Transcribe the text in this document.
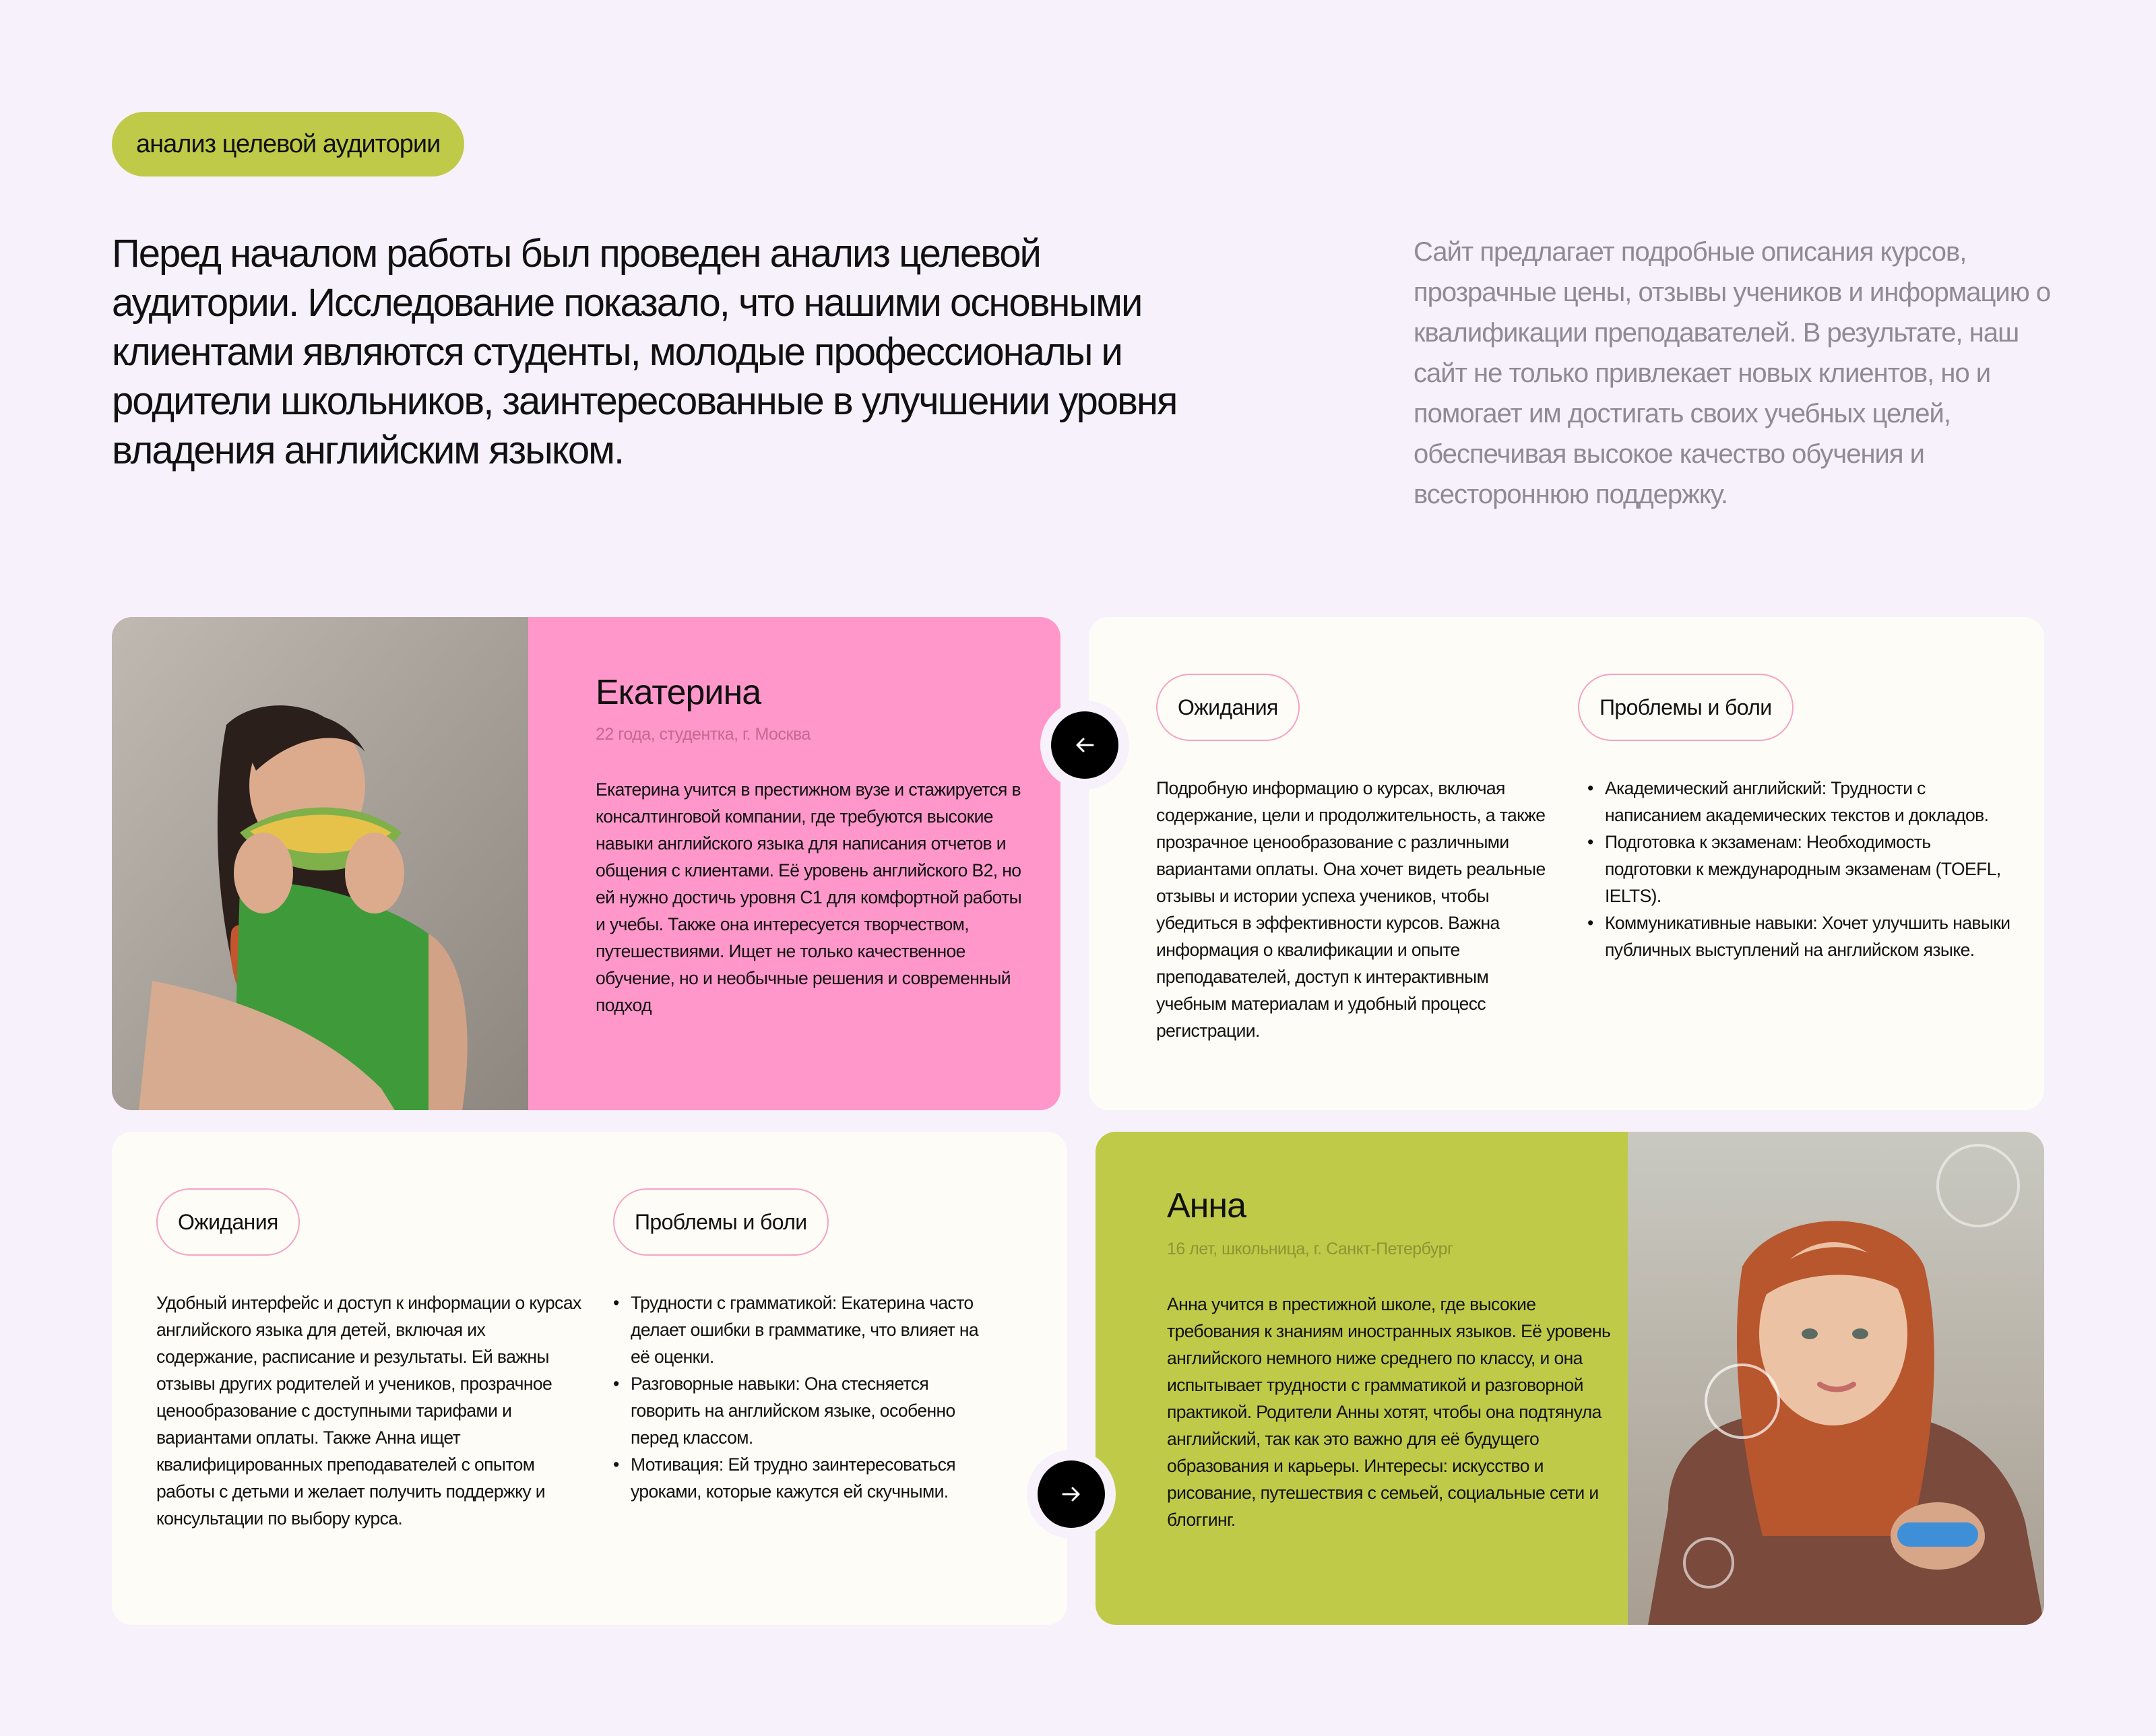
анализ целевой аудитории

Перед началом работы был проведен анализ целевой аудитории. Исследование показало, что нашими основными клиентами являются студенты, молодые профессионалы и родители школьников, заинтересованные в улучшении уровня владения английским языком.

Сайт предлагает подробные описания курсов, прозрачные цены, отзывы учеников и информацию о квалификации преподавателей. В результате, наш сайт не только привлекает новых клиентов, но и помогает им достигать своих учебных целей, обеспечивая высокое качество обучения и всестороннюю поддержку.

Екатерина
22 года, студентка, г. Москва

Екатерина учится в престижном вузе и стажируется в консалтинговой компании, где требуются высокие навыки английского языка для написания отчетов и общения с клиентами. Её уровень английского B2, но ей нужно достичь уровня C1 для комфортной работы и учебы. Также она интересуется творчеством, путешествиями. Ищет не только качественное обучение, но и необычные решения и современный подход

Ожидания	Проблемы и боли

Подробную информацию о курсах, включая содержание, цели и продолжительность, а также прозрачное ценообразование с различными вариантами оплаты. Она хочет видеть реальные отзывы и истории успеха учеников, чтобы убедиться в эффективности курсов. Важна информация о квалификации и опыте преподавателей, доступ к интерактивным учебным материалам и удобный процесс регистрации.

• Академический английский: Трудности с написанием академических текстов и докладов.
• Подготовка к экзаменам: Необходимость подготовки к международным экзаменам (TOEFL, IELTS).
• Коммуникативные навыки: Хочет улучшить навыки публичных выступлений на английском языке.
Ожидания	Проблемы и боли

Удобный интерфейс и доступ к информации о курсах английского языка для детей, включая их содержание, расписание и результаты. Ей важны отзывы других родителей и учеников, прозрачное ценообразование с доступными тарифами и вариантами оплаты. Также Анна ищет квалифицированных преподавателей с опытом работы с детьми и желает получить поддержку и консультации по выбору курса.

• Трудности с грамматикой: Екатерина часто делает ошибки в грамматике, что влияет на её оценки.
• Разговорные навыки: Она стесняется говорить на английском языке, особенно перед классом.
• Мотивация: Ей трудно заинтересоваться уроками, которые кажутся ей скучными.
Анна
16 лет, школьница, г. Санкт-Петербург

Анна учится в престижной школе, где высокие требования к знаниям иностранных языков. Её уровень английского немного ниже среднего по классу, и она испытывает трудности с грамматикой и разговорной практикой. Родители Анны хотят, чтобы она подтянула английский, так как это важно для её будущего образования и карьеры. Интересы: искусство и рисование, путешествия с семьей, социальные сети и блоггинг.
